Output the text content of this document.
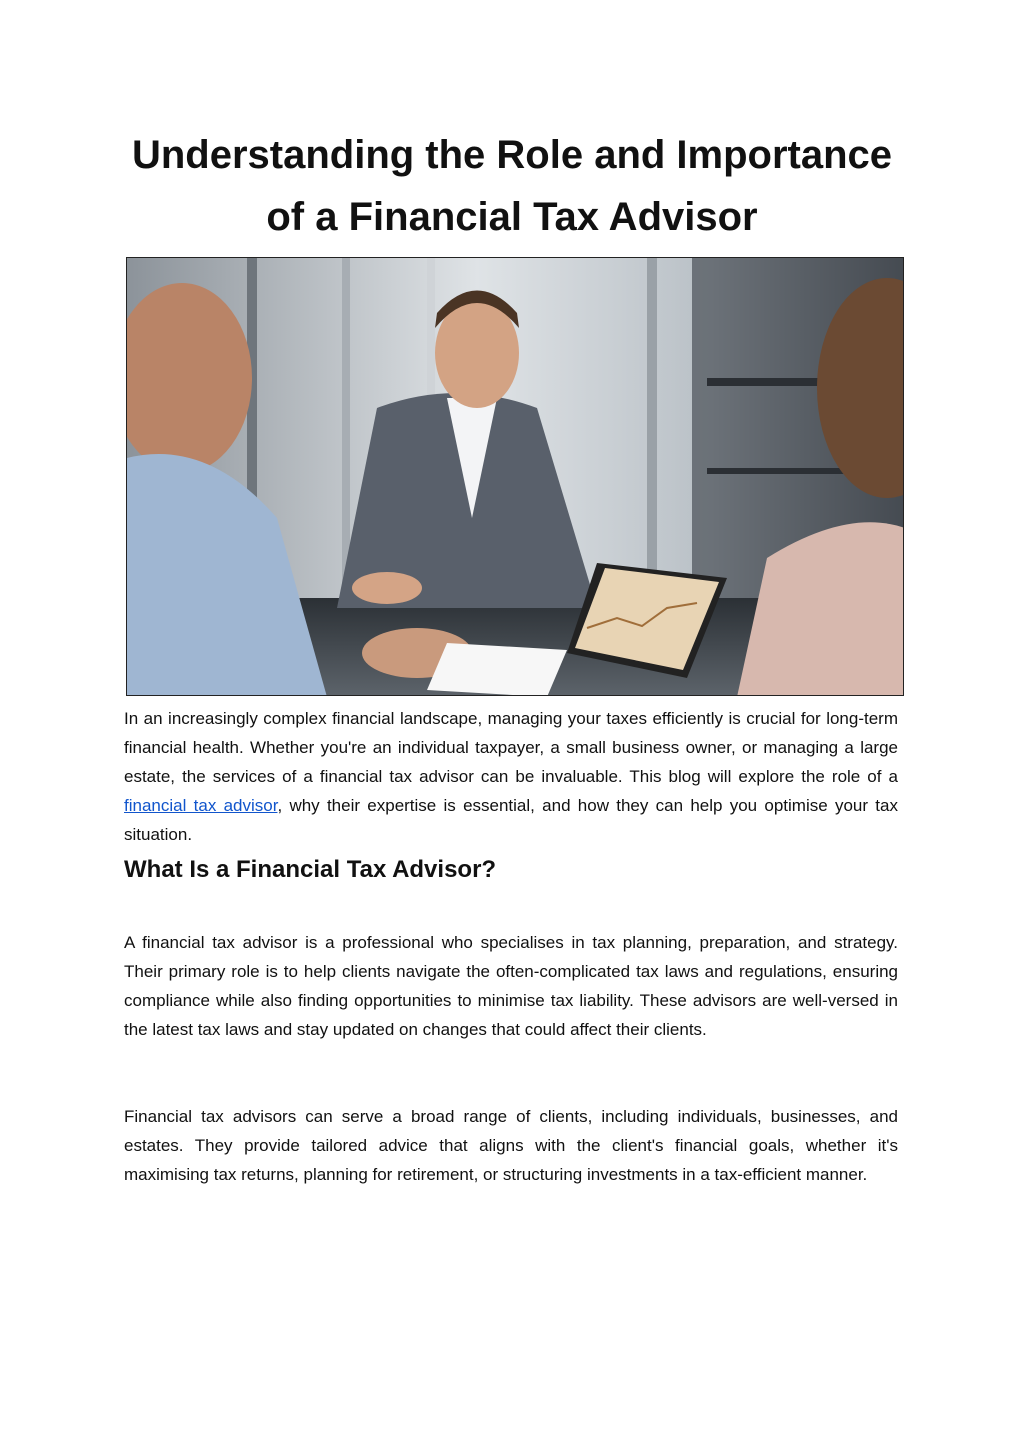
Understanding the Role and Importance
of a Financial Tax Advisor

In an increasingly complex financial landscape, managing your taxes efficiently is crucial for long-term financial health. Whether you're an individual taxpayer, a small business owner, or managing a large estate, the services of a financial tax advisor can be invaluable. This blog will explore the role of a financial tax advisor, why their expertise is essential, and how they can help you optimise your tax situation.

What Is a Financial Tax Advisor?

A financial tax advisor is a professional who specialises in tax planning, preparation, and strategy. Their primary role is to help clients navigate the often-complicated tax laws and regulations, ensuring compliance while also finding opportunities to minimise tax liability. These advisors are well-versed in the latest tax laws and stay updated on changes that could affect their clients.

Financial tax advisors can serve a broad range of clients, including individuals, businesses, and estates. They provide tailored advice that aligns with the client's financial goals, whether it's maximising tax returns, planning for retirement, or structuring investments in a tax-efficient manner.
